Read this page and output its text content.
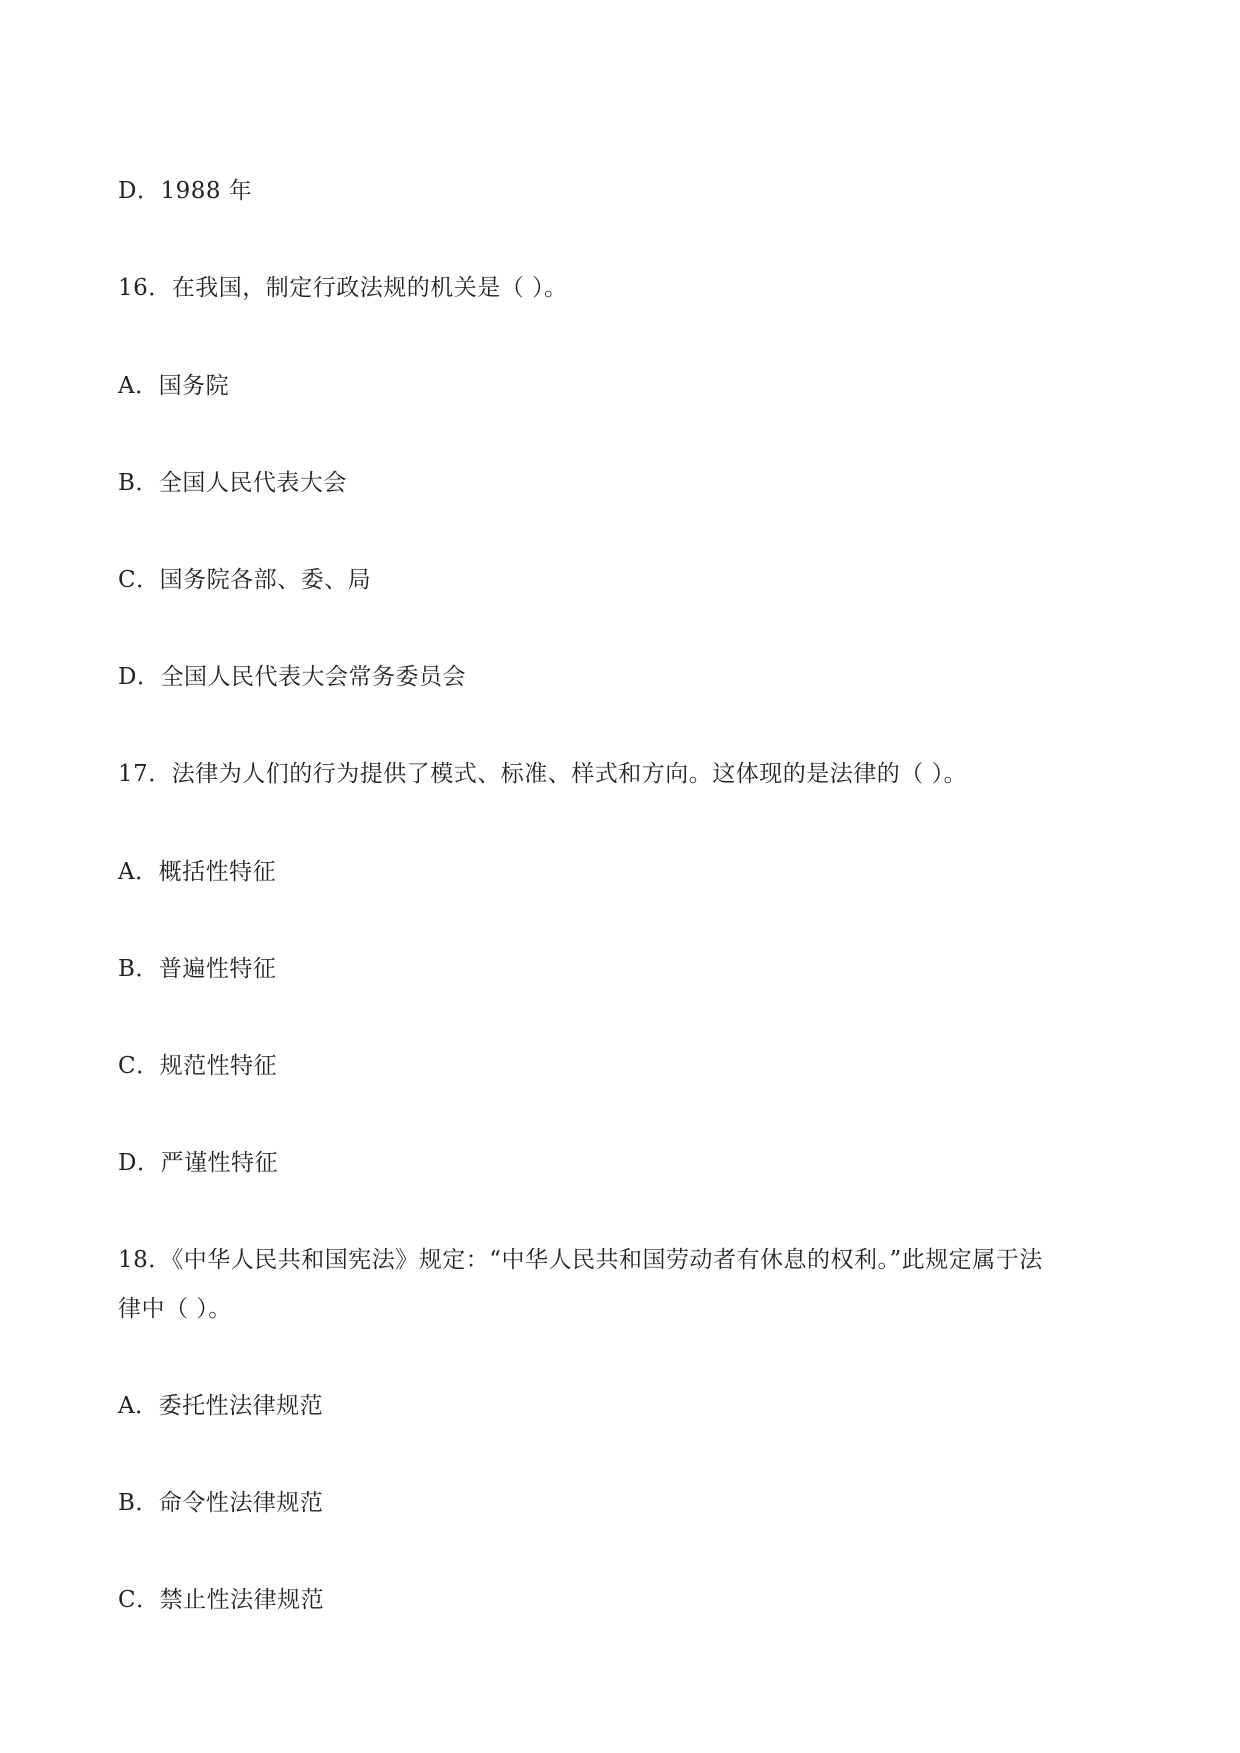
D．1988 年
16．在我国，制定行政法规的机关是（ ）。
A．国务院
B．全国人民代表大会
C．国务院各部、委、局
D．全国人民代表大会常务委员会
17．法律为人们的行为提供了模式、标准、样式和方向。这体现的是法律的（ ）。
A．概括性特征
B．普遍性特征
C．规范性特征
D．严谨性特征
18．《中华人民共和国宪法》规定：“中华人民共和国劳动者有休息的权利。”此规定属于法
律中（ ）。
A．委托性法律规范
B．命令性法律规范
C．禁止性法律规范
